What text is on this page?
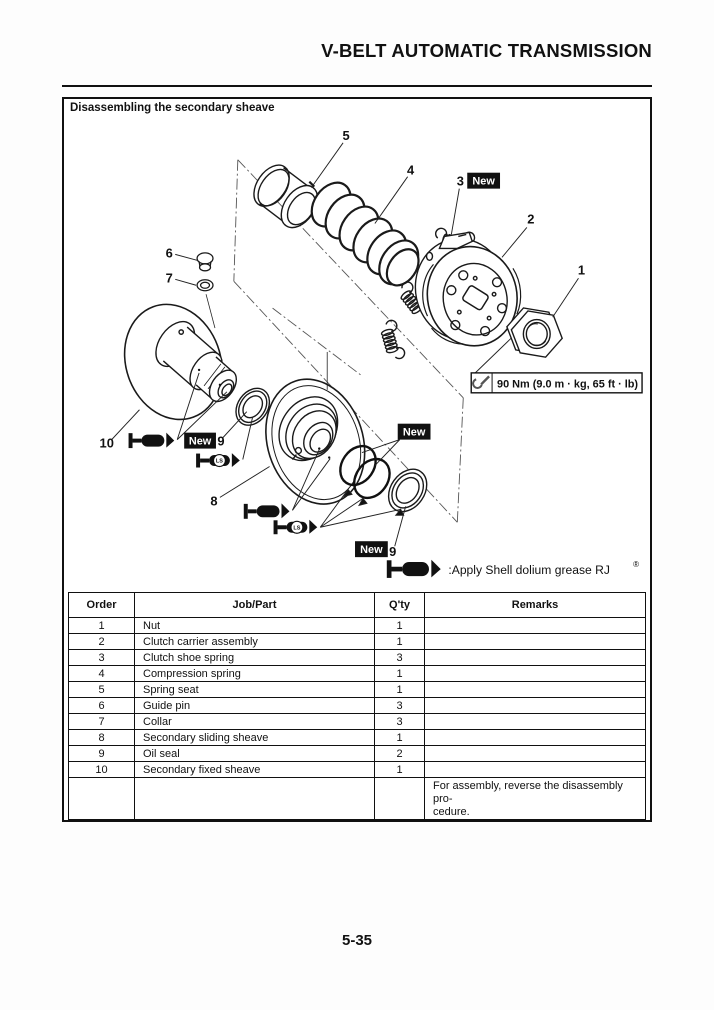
V-BELT AUTOMATIC TRANSMISSION
LS
LS
New
New
New
New
1
2
3
4
5
6
7
8
9
9
10
90 Nm (9.0 m · kg, 65 ft · lb)
:Apply Shell dolium grease RJ	®
Disassembling the secondary sheave
Order	Job/Part	Q'ty	Remarks
1	Nut	1	
2	Clutch carrier assembly	1	
3	Clutch shoe spring	3	
4	Compression spring	1	
5	Spring seat	1	
6	Guide pin	3	
7	Collar	3	
8	Secondary sliding sheave	1	
9	Oil seal	2	
10	Secondary fixed sheave	1	

			For assembly, reverse the disassembly pro-
cedure.
5-35
